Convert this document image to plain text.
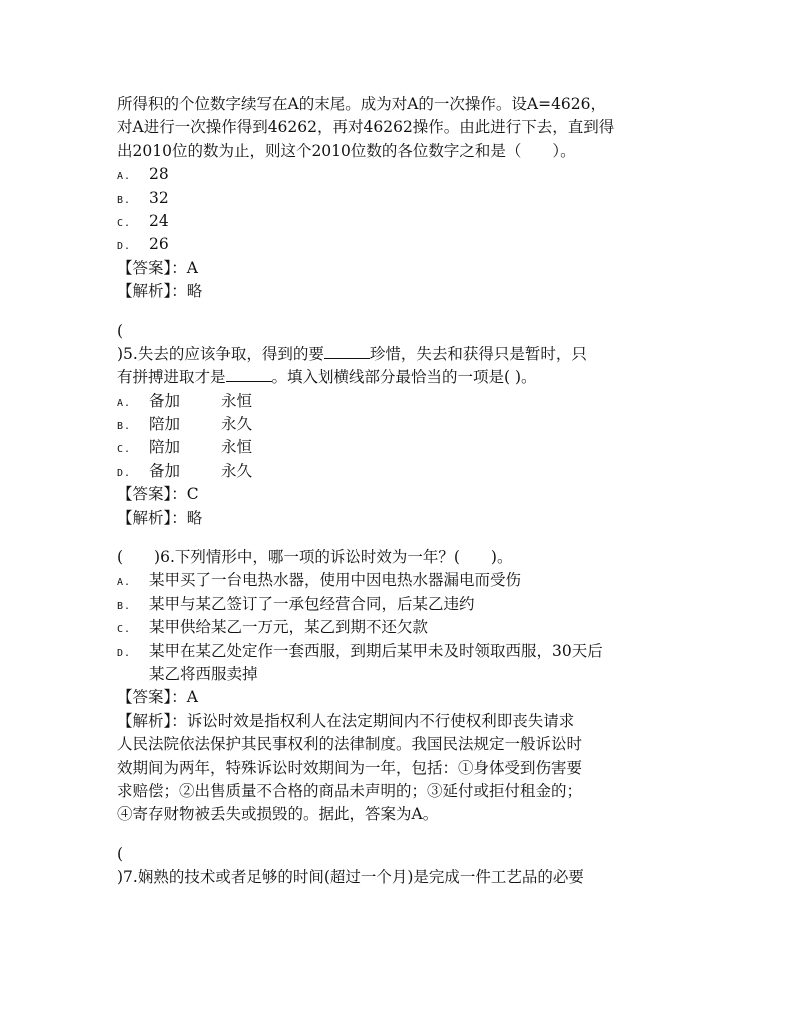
所得积的个位数字续写在A的末尾。成为对A的一次操作。设A=4626，
对A进行一次操作得到46262，再对46262操作。由此进行下去，直到得
出2010位的数为止，则这个2010位数的各位数字之和是（　　）。
A.	28
B.	32
C.	24
D.	26
【答案】：A
【解析】：略
(
)5.失去的应该争取，得到的要	珍惜，失去和获得只是暂时，只
有拼搏进取才是	。填入划横线部分最恰当的一项是( )。
A.	备加	永恒
B.	陪加	永久
C.	陪加	永恒
D.	备加	永久
【答案】：C
【解析】：略
(　　)6.下列情形中，哪一项的诉讼时效为一年？(　　)。
A.	某甲买了一台电热水器，使用中因电热水器漏电而受伤
B.	某甲与某乙签订了一承包经营合同，后某乙违约
C.	某甲供给某乙一万元，某乙到期不还欠款
D.	某甲在某乙处定作一套西服，到期后某甲未及时领取西服，30天后
某乙将西服卖掉
【答案】：A
【解析】：诉讼时效是指权利人在法定期间内不行使权利即丧失请求
人民法院依法保护其民事权利的法律制度。我国民法规定一般诉讼时
效期间为两年，特殊诉讼时效期间为一年，包括：①身体受到伤害要
求赔偿；②出售质量不合格的商品未声明的；③延付或拒付租金的；
④寄存财物被丢失或损毁的。据此，答案为A。
(
)7.娴熟的技术或者足够的时间(超过一个月)是完成一件工艺品的必要
